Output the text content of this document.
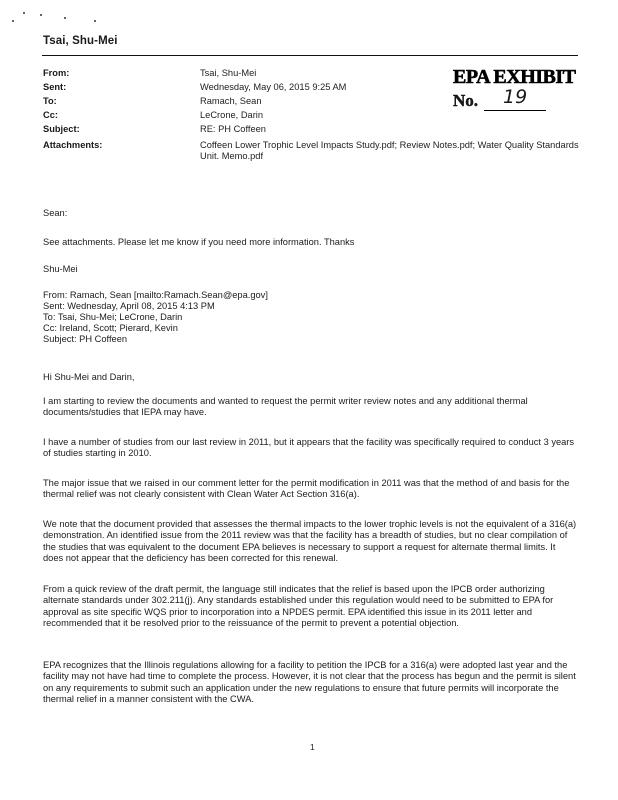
Tsai, Shu-Mei
From:	Tsai, Shu-Mei
Sent:	Wednesday, May 06, 2015 9:25 AM
To:	Ramach, Sean
Cc:	LeCrone, Darin
Subject:	RE: PH Coffeen
Attachments:	Coffeen Lower Trophic Level Impacts Study.pdf; Review Notes.pdf; Water Quality Standards Unit. Memo.pdf
EPA EXHIBIT
No. 19
Sean:
See attachments. Please let me know if you need more information. Thanks
Shu-Mei
From: Ramach, Sean [mailto:Ramach.Sean@epa.gov]
Sent: Wednesday, April 08, 2015 4:13 PM
To: Tsai, Shu-Mei; LeCrone, Darin
Cc: Ireland, Scott; Pierard, Kevin
Subject: PH Coffeen
Hi Shu-Mei and Darin,
I am starting to review the documents and wanted to request the permit writer review notes and any additional thermal documents/studies that IEPA may have.
I have a number of studies from our last review in 2011, but it appears that the facility was specifically required to conduct 3 years of studies starting in 2010.
The major issue that we raised in our comment letter for the permit modification in 2011 was that the method of and basis for the thermal relief was not clearly consistent with Clean Water Act Section 316(a).
We note that the document provided that assesses the thermal impacts to the lower trophic levels is not the equivalent of a 316(a) demonstration. An identified issue from the 2011 review was that the facility has a breadth of studies, but no clear compilation of the studies that was equivalent to the document EPA believes is necessary to support a request for alternate thermal limits. It does not appear that the deficiency has been corrected for this renewal.
From a quick review of the draft permit, the language still indicates that the relief is based upon the IPCB order authorizing alternate standards under 302.211(j). Any standards established under this regulation would need to be submitted to EPA for approval as site specific WQS prior to incorporation into a NPDES permit. EPA identified this issue in its 2011 letter and recommended that it be resolved prior to the reissuance of the permit to prevent a potential objection.
EPA recognizes that the Illinois regulations allowing for a facility to petition the IPCB for a 316(a) were adopted last year and the facility may not have had time to complete the process. However, it is not clear that the process has begun and the permit is silent on any requirements to submit such an application under the new regulations to ensure that future permits will incorporate the thermal relief in a manner consistent with the CWA.
1
